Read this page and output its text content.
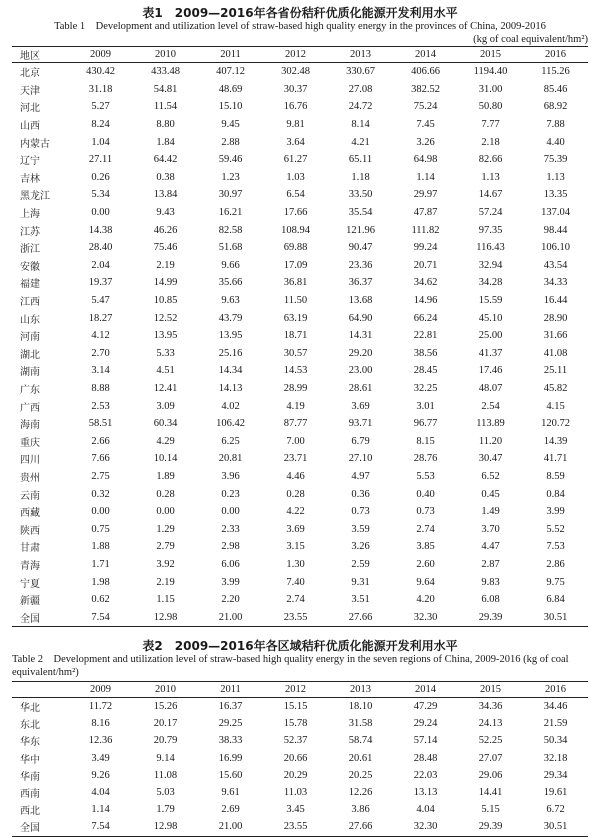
表1　2009—2016年各省份秸秆优质化能源开发利用水平
Table 1　Development and utilization level of straw-based high quality energy in the provinces of China, 2009-2016
(kg of coal equivalent/hm²)
地区	2009	2010	2011	2012	2013	2014	2015	2016
北京	430.42	433.48	407.12	302.48	330.67	406.66	1194.40	115.26
天津	31.18	54.81	48.69	30.37	27.08	382.52	31.00	85.46
河北	5.27	11.54	15.10	16.76	24.72	75.24	50.80	68.92
山西	8.24	8.80	9.45	9.81	8.14	7.45	7.77	7.88
内蒙古	1.04	1.84	2.88	3.64	4.21	3.26	2.18	4.40
辽宁	27.11	64.42	59.46	61.27	65.11	64.98	82.66	75.39
吉林	0.26	0.38	1.23	1.03	1.18	1.14	1.13	1.13
黑龙江	5.34	13.84	30.97	6.54	33.50	29.97	14.67	13.35
上海	0.00	9.43	16.21	17.66	35.54	47.87	57.24	137.04
江苏	14.38	46.26	82.58	108.94	121.96	111.82	97.35	98.44
浙江	28.40	75.46	51.68	69.88	90.47	99.24	116.43	106.10
安徽	2.04	2.19	9.66	17.09	23.36	20.71	32.94	43.54
福建	19.37	14.99	35.66	36.81	36.37	34.62	34.28	34.33
江西	5.47	10.85	9.63	11.50	13.68	14.96	15.59	16.44
山东	18.27	12.52	43.79	63.19	64.90	66.24	45.10	28.90
河南	4.12	13.95	13.95	18.71	14.31	22.81	25.00	31.66
湖北	2.70	5.33	25.16	30.57	29.20	38.56	41.37	41.08
湖南	3.14	4.51	14.34	14.53	23.00	28.45	17.46	25.11
广东	8.88	12.41	14.13	28.99	28.61	32.25	48.07	45.82
广西	2.53	3.09	4.02	4.19	3.69	3.01	2.54	4.15
海南	58.51	60.34	106.42	87.77	93.71	96.77	113.89	120.72
重庆	2.66	4.29	6.25	7.00	6.79	8.15	11.20	14.39
四川	7.66	10.14	20.81	23.71	27.10	28.76	30.47	41.71
贵州	2.75	1.89	3.96	4.46	4.97	5.53	6.52	8.59
云南	0.32	0.28	0.23	0.28	0.36	0.40	0.45	0.84
西藏	0.00	0.00	0.00	4.22	0.73	0.73	1.49	3.99
陕西	0.75	1.29	2.33	3.69	3.59	2.74	3.70	5.52
甘肃	1.88	2.79	2.98	3.15	3.26	3.85	4.47	7.53
青海	1.71	3.92	6.06	1.30	2.59	2.60	2.87	2.86
宁夏	1.98	2.19	3.99	7.40	9.31	9.64	9.83	9.75
新疆	0.62	1.15	2.20	2.74	3.51	4.20	6.08	6.84
全国	7.54	12.98	21.00	23.55	27.66	32.30	29.39	30.51
表2　2009—2016年各区域秸秆优质化能源开发利用水平
Table 2　Development and utilization level of straw-based high quality energy in the seven regions of China, 2009-2016 (kg of coal equivalent/hm²)
	2009	2010	2011	2012	2013	2014	2015	2016
华北	11.72	15.26	16.37	15.15	18.10	47.29	34.36	34.46
东北	8.16	20.17	29.25	15.78	31.58	29.24	24.13	21.59
华东	12.36	20.79	38.33	52.37	58.74	57.14	52.25	50.34
华中	3.49	9.14	16.99	20.66	20.61	28.48	27.07	32.18
华南	9.26	11.08	15.60	20.29	20.25	22.03	29.06	29.34
西南	4.04	5.03	9.61	11.03	12.26	13.13	14.41	19.61
西北	1.14	1.79	2.69	3.45	3.86	4.04	5.15	6.72
全国	7.54	12.98	21.00	23.55	27.66	32.30	29.39	30.51
